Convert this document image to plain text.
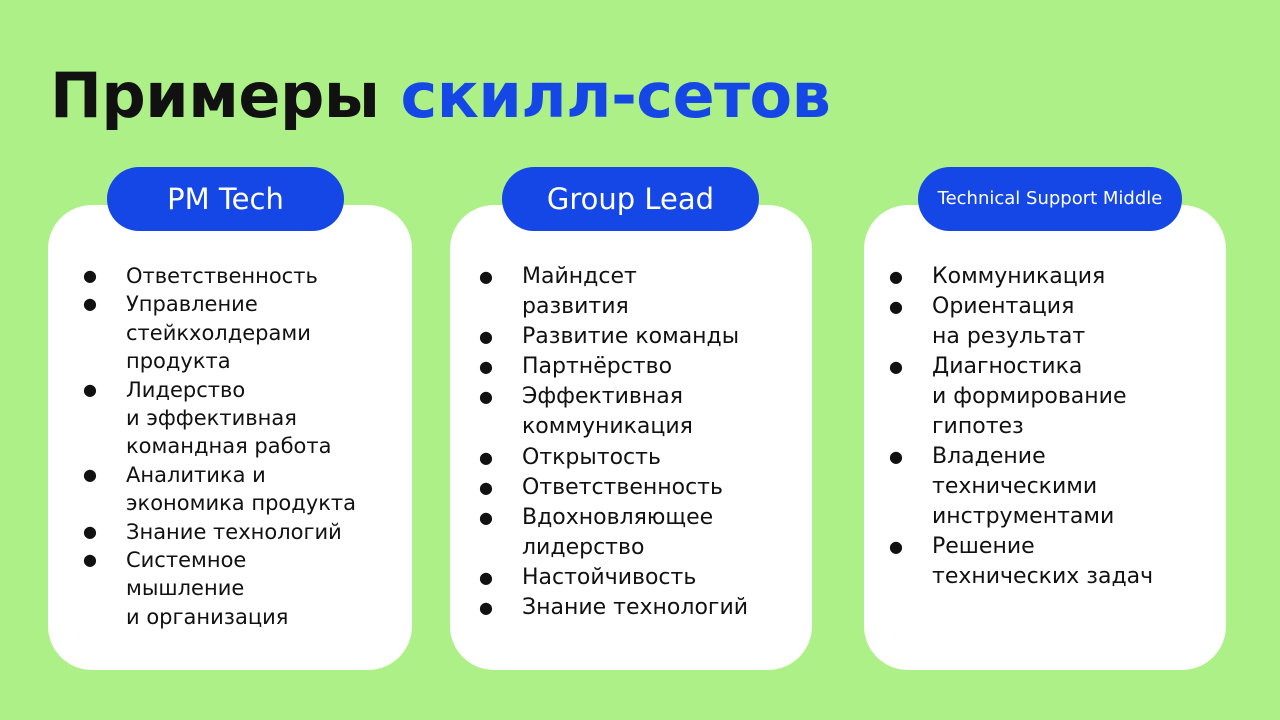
Примеры скилл-сетов
PM Tech
● Ответственность
● Управление
стейкхолдерами
продукта
● Лидерство
и эффективная
командная работа
● Аналитика и
экономика продукта
● Знание технологий
● Системное
мышление
и организация
Group Lead
● Майндсет
развития
● Развитие команды
● Партнёрство
● Эффективная
коммуникация
● Открытость
● Ответственность
● Вдохновляющее
лидерство
● Настойчивость
● Знание технологий
Technical Support Middle
● Коммуникация
● Ориентация
на результат
● Диагностика
и формирование
гипотез
● Владение
техническими
инструментами
● Решение
технических задач
